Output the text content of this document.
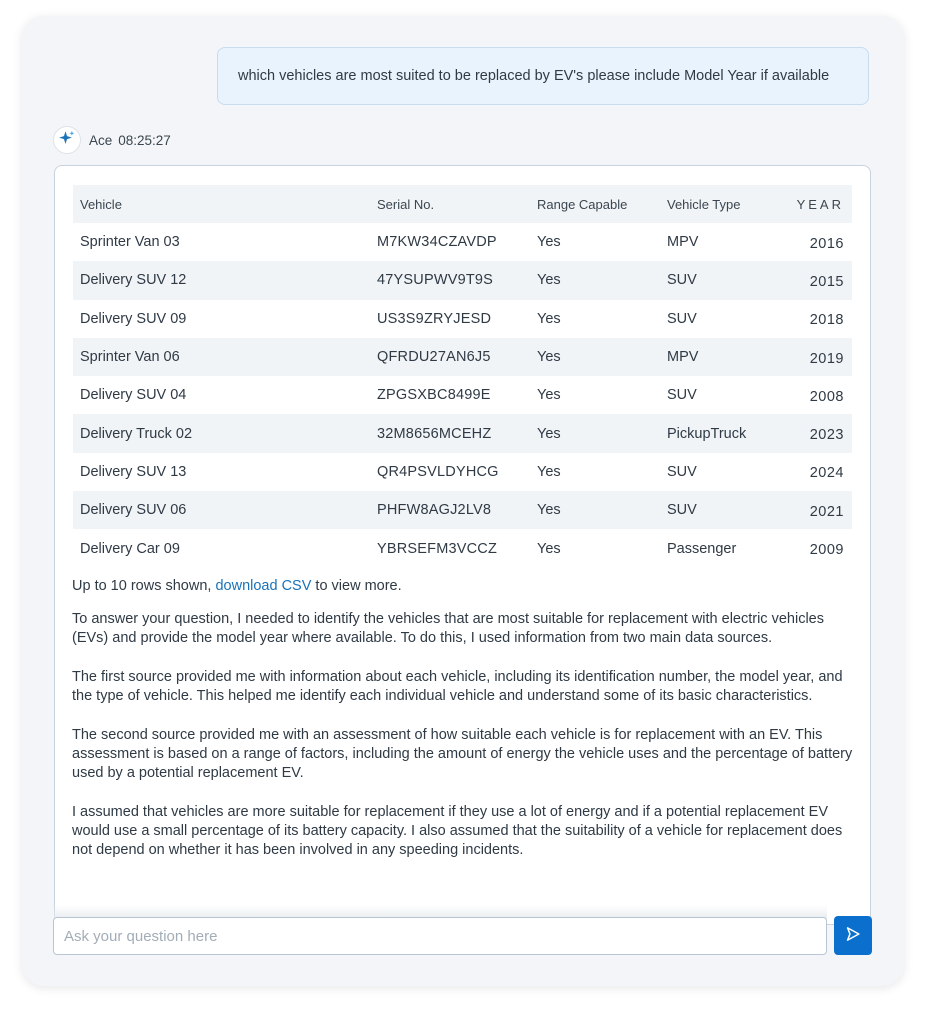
which vehicles are most suited to be replaced by EV's please include Model Year if available
Ace 08:25:27
Vehicle	Serial No.	Range Capable	Vehicle Type	YEAR
Sprinter Van 03	M7KW34CZAVDP	Yes	MPV	2016
Delivery SUV 12	47YSUPWV9T9S	Yes	SUV	2015
Delivery SUV 09	US3S9ZRYJESD	Yes	SUV	2018
Sprinter Van 06	QFRDU27AN6J5	Yes	MPV	2019
Delivery SUV 04	ZPGSXBC8499E	Yes	SUV	2008
Delivery Truck 02	32M8656MCEHZ	Yes	PickupTruck	2023
Delivery SUV 13	QR4PSVLDYHCG	Yes	SUV	2024
Delivery SUV 06	PHFW8AGJ2LV8	Yes	SUV	2021
Delivery Car 09	YBRSEFM3VCCZ	Yes	Passenger	2009
Up to 10 rows shown, download CSV to view more.

To answer your question, I needed to identify the vehicles that are most suitable for replacement with electric vehicles (EVs) and provide the model year where available. To do this, I used information from two main data sources.

The first source provided me with information about each vehicle, including its identification number, the model year, and the type of vehicle. This helped me identify each individual vehicle and understand some of its basic characteristics.

The second source provided me with an assessment of how suitable each vehicle is for replacement with an EV. This assessment is based on a range of factors, including the amount of energy the vehicle uses and the percentage of battery used by a potential replacement EV.

I assumed that vehicles are more suitable for replacement if they use a lot of energy and if a potential replacement EV would use a small percentage of its battery capacity. I also assumed that the suitability of a vehicle for replacement does not depend on whether it has been involved in any speeding incidents.

Ask your question here
